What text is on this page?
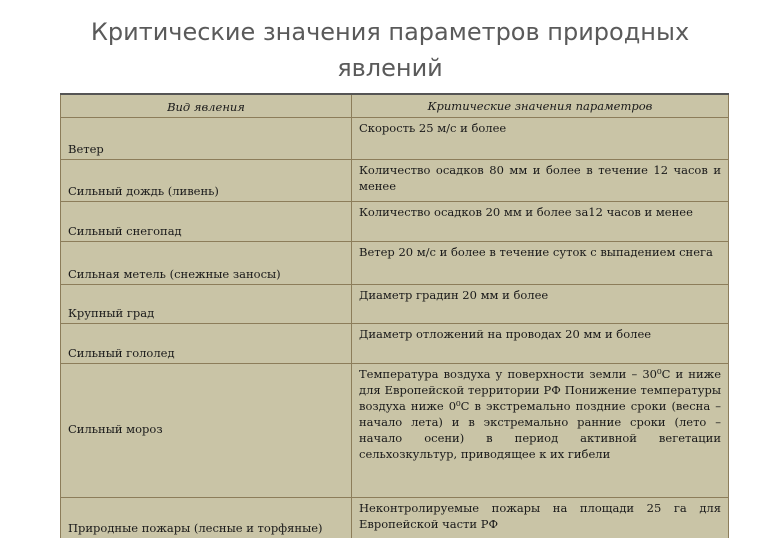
Критические значения параметров природных
явлений
Вид явления	Критические значения параметров
Ветер	Скорость 25 м/с и более
Сильный дождь (ливень)	Количество осадков 80 мм и более в течение 12 часов и менее
Сильный снегопад	Количество осадков 20 мм и более за12 часов и менее
Сильная метель (снежные заносы)	Ветер 20 м/с и более в течение суток с выпадением снега
Крупный град	Диаметр градин 20 мм и более
Сильный гололед	Диаметр отложений на проводах 20 мм и более
Сильный мороз	Температура воздуха у поверхности земли – 30⁰С и ниже для Европейской территории РФ Понижение температуры воздуха ниже 0⁰С в экстремально поздние сроки (весна – начало лета) и в экстремально ранние сроки (лето – начало осени) в период активной вегетации сельхозкультур, приводящее к их гибели
Природные пожары (лесные и торфяные)	Неконтролируемые пожары на площади 25 га для Европейской части РФ
